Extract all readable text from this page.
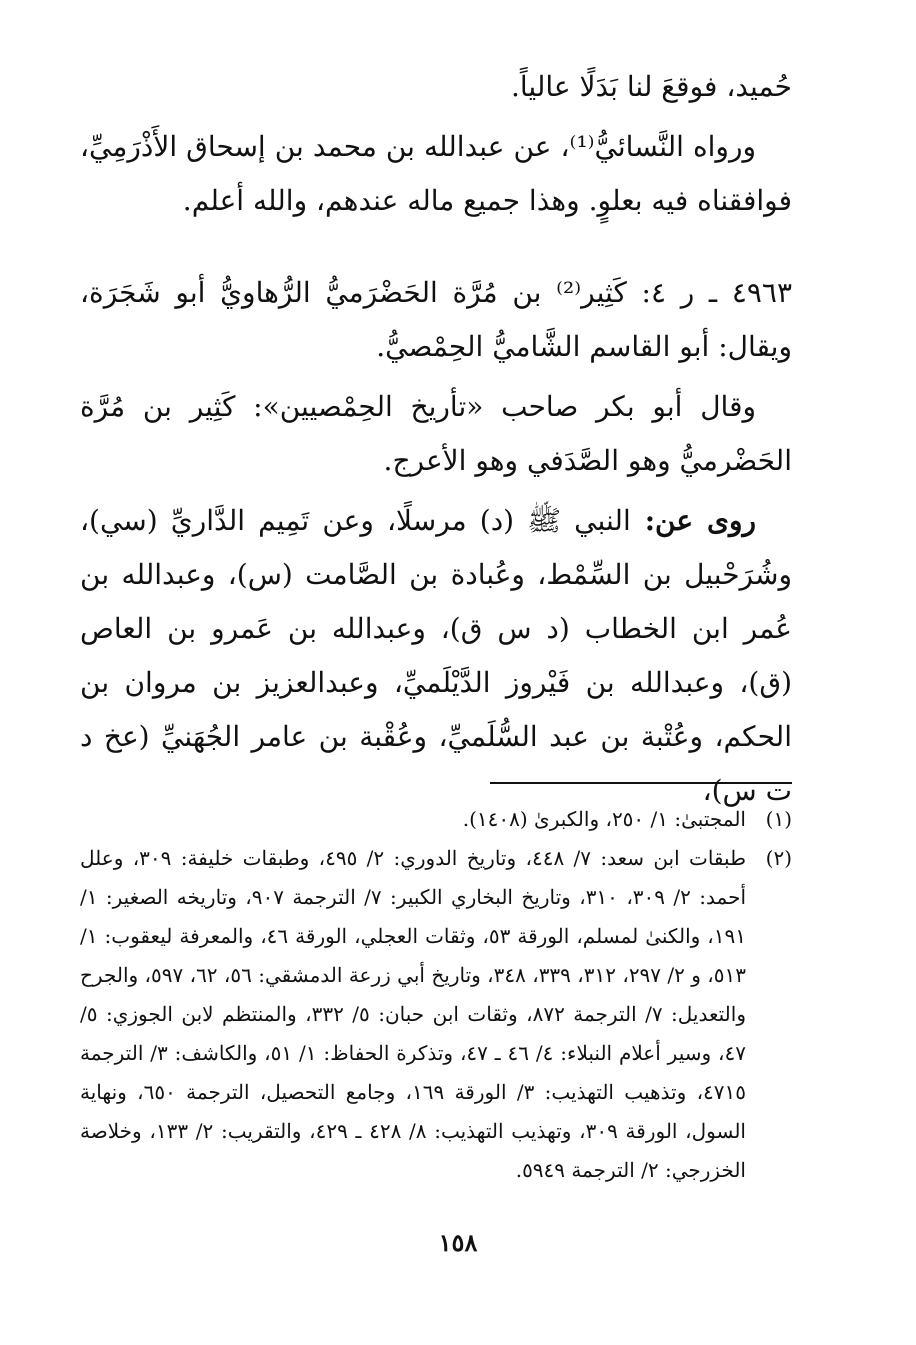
حُميد، فوقعَ لنا بَدَلًا عالياً.

ورواه النَّسائيُّ⁽¹⁾، عن عبدالله بن محمد بن إسحاق الأَذْرَمِيِّ، فوافقناه فيه بعلوٍ. وهذا جميع ماله عندهم، والله أعلم.

٤٩٦٣ ـ ر ٤: كَثِير⁽²⁾ بن مُرَّة الحَضْرَميُّ الرُّهاويُّ أبو شَجَرَة، ويقال: أبو القاسم الشَّاميُّ الحِمْصيُّ.

وقال أبو بكر صاحب «تأريخ الحِمْصيين»: كَثِير بن مُرَّة الحَضْرميُّ وهو الصَّدَفي وهو الأعرج.

روى عن: النبي ﷺ (د) مرسلًا، وعن تَمِيم الدَّاريِّ (سي)، وشُرَحْبيل بن السِّمْط، وعُبادة بن الصَّامت (س)، وعبدالله بن عُمر ابن الخطاب (د س ق)، وعبدالله بن عَمرو بن العاص (ق)، وعبدالله بن فَيْروز الدَّيْلَميِّ، وعبدالعزيز بن مروان بن الحكم، وعُتْبة بن عبد السُّلَميِّ، وعُقْبة بن عامر الجُهَنيِّ (عخ د ت س)،

(١)
المجتبىٰ: ١/ ٢٥٠، والكبرىٰ (١٤٠٨).
(٢)
طبقات ابن سعد: ٧/ ٤٤٨، وتاريخ الدوري: ٢/ ٤٩٥، وطبقات خليفة: ٣٠٩، وعلل أحمد: ٢/ ٣٠٩، ٣١٠، وتاريخ البخاري الكبير: ٧/ الترجمة ٩٠٧، وتاريخه الصغير: ١/ ١٩١، والكنىٰ لمسلم، الورقة ٥٣، وثقات العجلي، الورقة ٤٦، والمعرفة ليعقوب: ١/ ٥١٣، و ٢/ ٢٩٧، ٣١٢، ٣٣٩، ٣٤٨، وتاريخ أبي زرعة الدمشقي: ٥٦، ٦٢، ٥٩٧، والجرح والتعديل: ٧/ الترجمة ٨٧٢، وثقات ابن حبان: ٥/ ٣٣٢، والمنتظم لابن الجوزي: ٥/ ٤٧، وسير أعلام النبلاء: ٤/ ٤٦ ـ ٤٧، وتذكرة الحفاظ: ١/ ٥١، والكاشف: ٣/ الترجمة ٤٧١٥، وتذهيب التهذيب: ٣/ الورقة ١٦٩، وجامع التحصيل، الترجمة ٦٥٠، ونهاية السول، الورقة ٣٠٩، وتهذيب التهذيب: ٨/ ٤٢٨ ـ ٤٢٩، والتقريب: ٢/ ١٣٣، وخلاصة الخزرجي: ٢/ الترجمة ٥٩٤٩.
١٥٨
